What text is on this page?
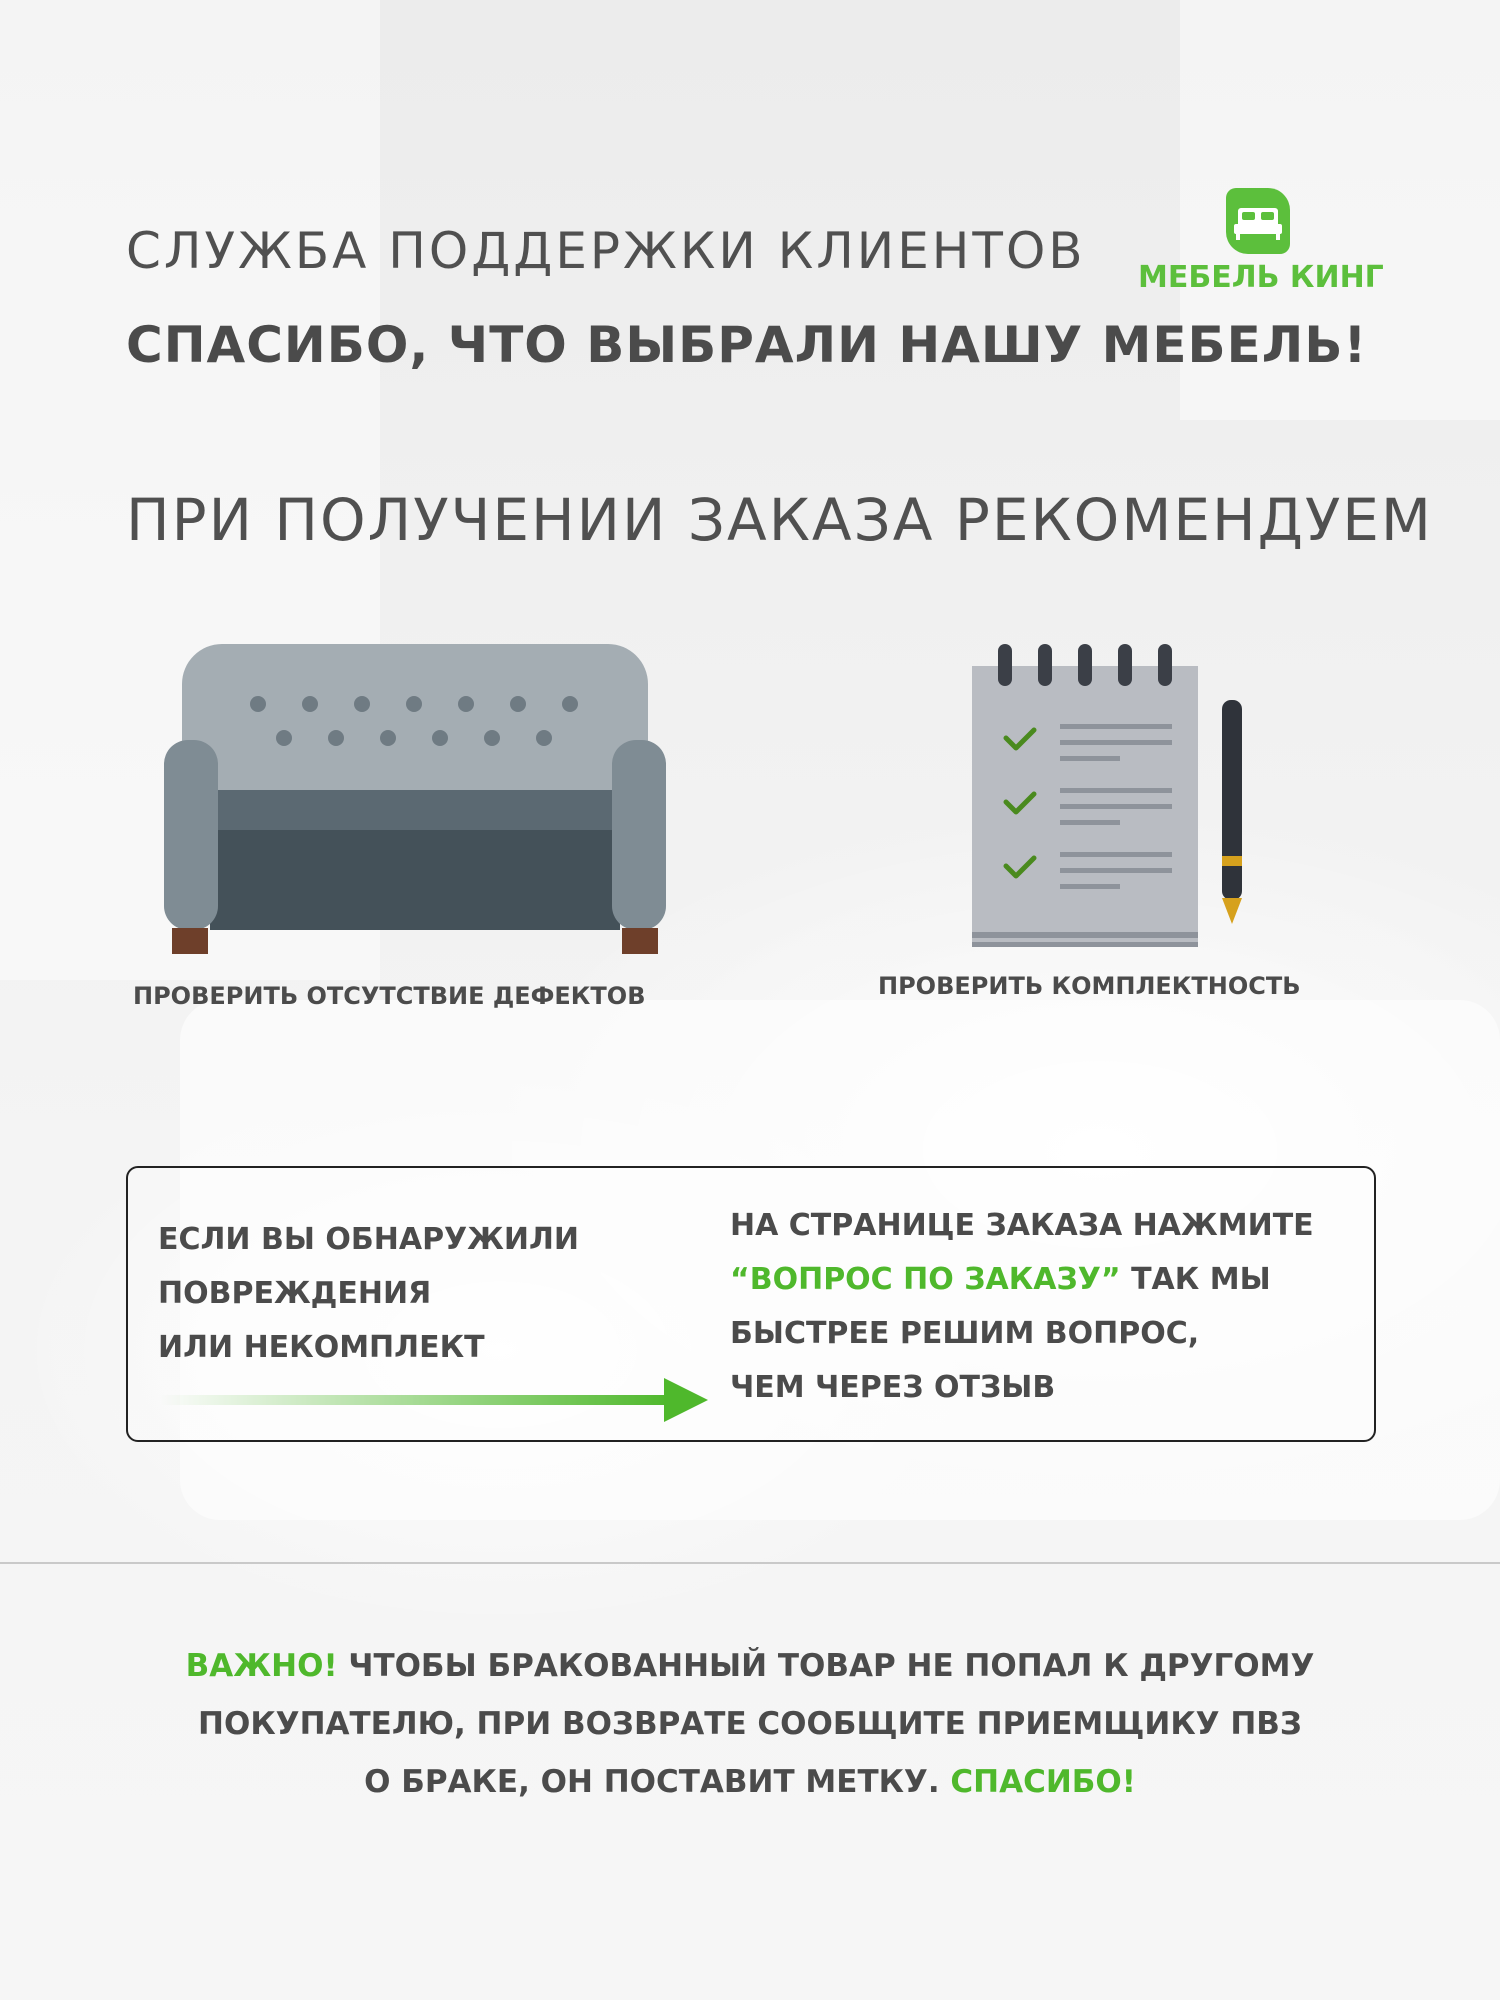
СЛУЖБА ПОДДЕРЖКИ КЛИЕНТОВ
СПАСИБО, ЧТО ВЫБРАЛИ НАШУ МЕБЕЛЬ!
ПРИ ПОЛУЧЕНИИ ЗАКАЗА РЕКОМЕНДУЕМ
МЕБЕЛЬ КИНГ
ПРОВЕРИТЬ ОТСУТСТВИЕ ДЕФЕКТОВ	ПРОВЕРИТЬ КОМПЛЕКТНОСТЬ
ЕСЛИ ВЫ ОБНАРУЖИЛИ
ПОВРЕЖДЕНИЯ
ИЛИ НЕКОМПЛЕКТ
НА СТРАНИЦЕ ЗАКАЗА НАЖМИТЕ
“ВОПРОС ПО ЗАКАЗУ” ТАК МЫ
БЫСТРЕЕ РЕШИМ ВОПРОС,
ЧЕМ ЧЕРЕЗ ОТЗЫВ
ВАЖНО! ЧТОБЫ БРАКОВАННЫЙ ТОВАР НЕ ПОПАЛ К ДРУГОМУ
ПОКУПАТЕЛЮ, ПРИ ВОЗВРАТЕ СООБЩИТЕ ПРИЕМЩИКУ ПВЗ
О БРАКЕ, ОН ПОСТАВИТ МЕТКУ. СПАСИБО!
